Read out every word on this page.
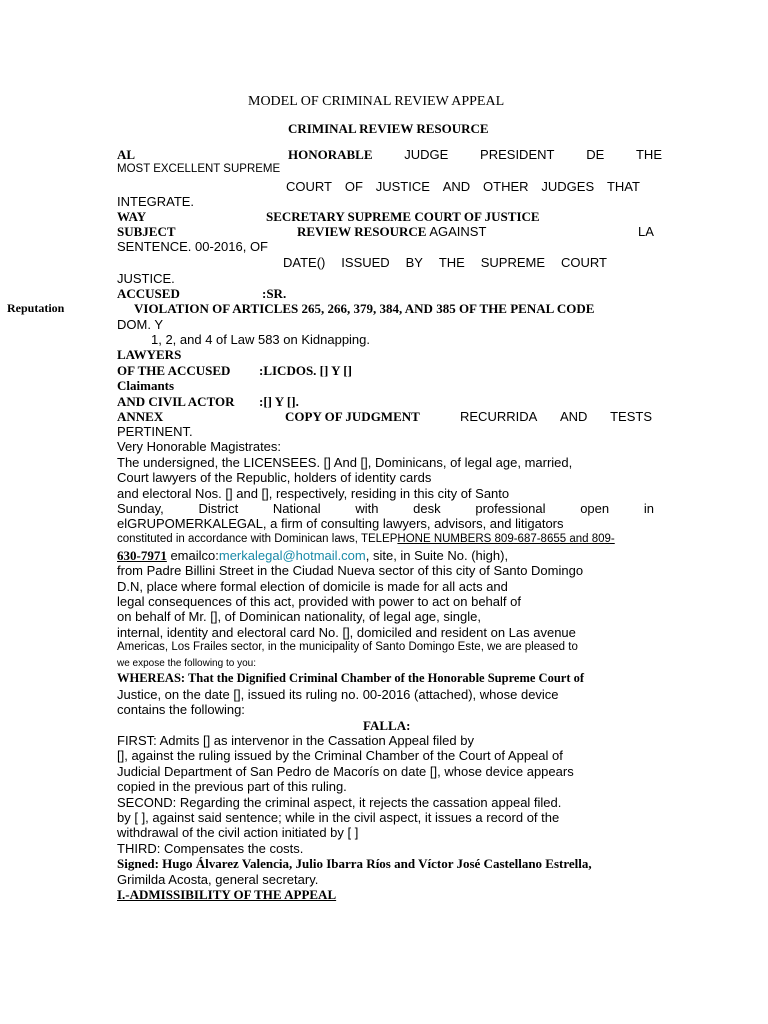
MODEL OF CRIMINAL REVIEW APPEAL
CRIMINAL REVIEW RESOURCE
AL	HONORABLE JUDGE PRESIDENT DE THE
MOST EXCELLENT SUPREME
COURT OF JUSTICE AND OTHER JUDGES THAT
INTEGRATE.
WAY	SECRETARY SUPREME COURT OF JUSTICE
SUBJECT	REVIEW RESOURCE AGAINST	LA
SENTENCE. 00-2016, OF
DATE() ISSUED BY THE SUPREME COURT
JUSTICE.
ACCUSED	:SR.
Reputation	VIOLATION OF ARTICLES 265, 266, 379, 384, AND 385 OF THE PENAL CODE
DOM. Y
1, 2, and 4 of Law 583 on Kidnapping.
LAWYERS
OF THE ACCUSED :LICDOS. [] Y []
Claimants
AND CIVIL ACTOR :[] Y [].
ANNEX	COPY OF JUDGMENT	RECURRIDA AND TESTS
PERTINENT.
Very Honorable Magistrates:
The undersigned, the LICENSEES. [] And [], Dominicans, of legal age, married,
Court lawyers of the Republic, holders of identity cards
and electoral Nos. [] and [], respectively, residing in this city of Santo
Sunday,	District	National	with	desk	professional	open	in
elGRUPOMERKALEGAL, a firm of consulting lawyers, advisors, and litigators
constituted in accordance with Dominican laws, TELEPHONE NUMBERS 809-687-8655 and 809-
630-7971 emailco:merkalegal@hotmail.com, site, in Suite No. (high),
from Padre Billini Street in the Ciudad Nueva sector of this city of Santo Domingo
D.N, place where formal election of domicile is made for all acts and
legal consequences of this act, provided with power to act on behalf of
on behalf of Mr. [], of Dominican nationality, of legal age, single,
internal, identity and electoral card No. [], domiciled and resident on Las avenue
Americas, Los Frailes sector, in the municipality of Santo Domingo Este, we are pleased to
we expose the following to you:
WHEREAS: That the Dignified Criminal Chamber of the Honorable Supreme Court of
Justice, on the date [], issued its ruling no. 00-2016 (attached), whose device
contains the following:
FALLA:
FIRST: Admits [] as intervenor in the Cassation Appeal filed by
[], against the ruling issued by the Criminal Chamber of the Court of Appeal of
Judicial Department of San Pedro de Macorís on date [], whose device appears
copied in the previous part of this ruling.
SECOND: Regarding the criminal aspect, it rejects the cassation appeal filed.
by [ ], against said sentence; while in the civil aspect, it issues a record of the
withdrawal of the civil action initiated by [ ]
THIRD: Compensates the costs.
Signed: Hugo Álvarez Valencia, Julio Ibarra Ríos and Víctor José Castellano Estrella,
Grimilda Acosta, general secretary.
I.-ADMISSIBILITY OF THE APPEAL
